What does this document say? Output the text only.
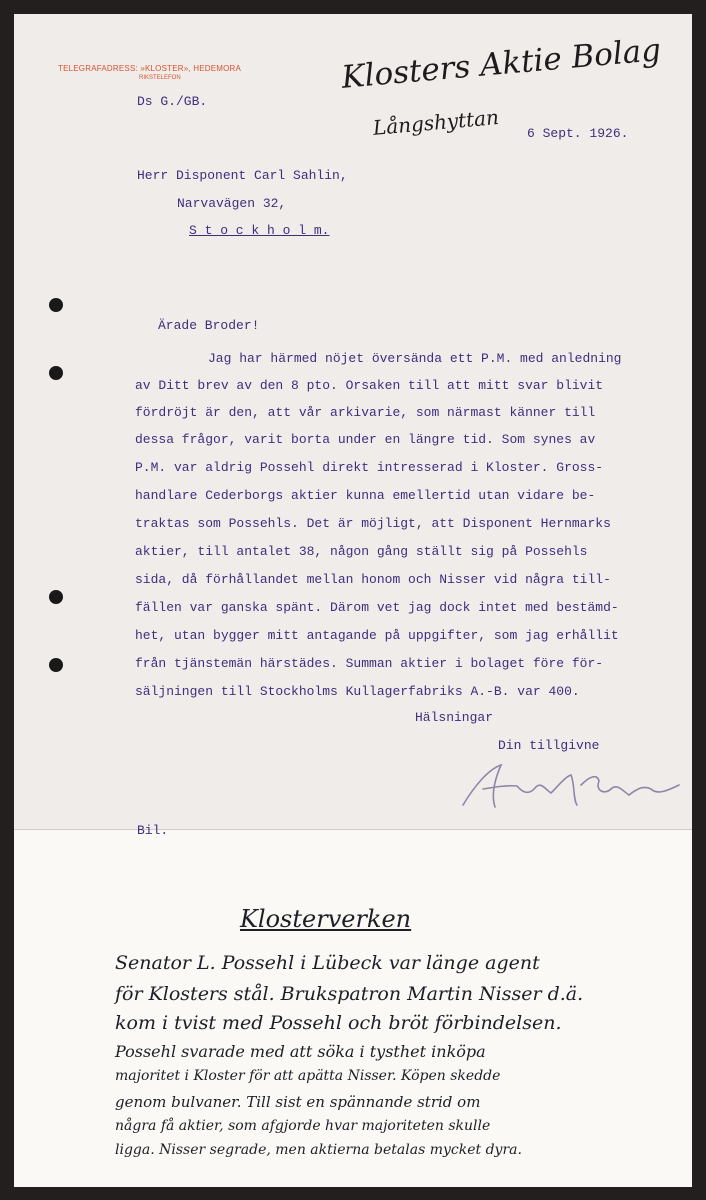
TELEGRAFADRESS: »KLOSTER», HEDEMORA
RIKSTELEFON	Klosters Aktie Bolag
Långshyttan
Ds G./GB.
6 Sept. 1926.
Herr Disponent Carl Sahlin,
Narvavägen 32,
S t o c k h o l m.
Ärade Broder!
Jag har härmed nöjet översända ett P.M. med anledning
av Ditt brev av den 8 pto. Orsaken till att mitt svar blivit
fördröjt är den, att vår arkivarie, som närmast känner till
dessa frågor, varit borta under en längre tid. Som synes av
P.M. var aldrig Possehl direkt intresserad i Kloster. Gross-
handlare Cederborgs aktier kunna emellertid utan vidare be-
traktas som Possehls. Det är möjligt, att Disponent Hernmarks
aktier, till antalet 38, någon gång ställt sig på Possehls
sida, då förhållandet mellan honom och Nisser vid några till-
fällen var ganska spänt. Därom vet jag dock intet med bestämd-
het, utan bygger mitt antagande på uppgifter, som jag erhållit
från tjänstemän härstädes. Summan aktier i bolaget före för-
säljningen till Stockholms Kullagerfabriks A.-B. var 400.
Hälsningar
Din tillgivne
Bil.
Klosterverken
Senator L. Possehl i Lübeck var länge agent
för Klosters stål. Brukspatron Martin Nisser d.ä.
kom i tvist med Possehl och bröt förbindelsen.
Possehl svarade med att söka i tysthet inköpa
majoritet i Kloster för att apätta Nisser. Köpen skedde
genom bulvaner. Till sist en spännande strid om
några få aktier, som afgjorde hvar majoriteten skulle
ligga. Nisser segrade, men aktierna betalas mycket dyra.
